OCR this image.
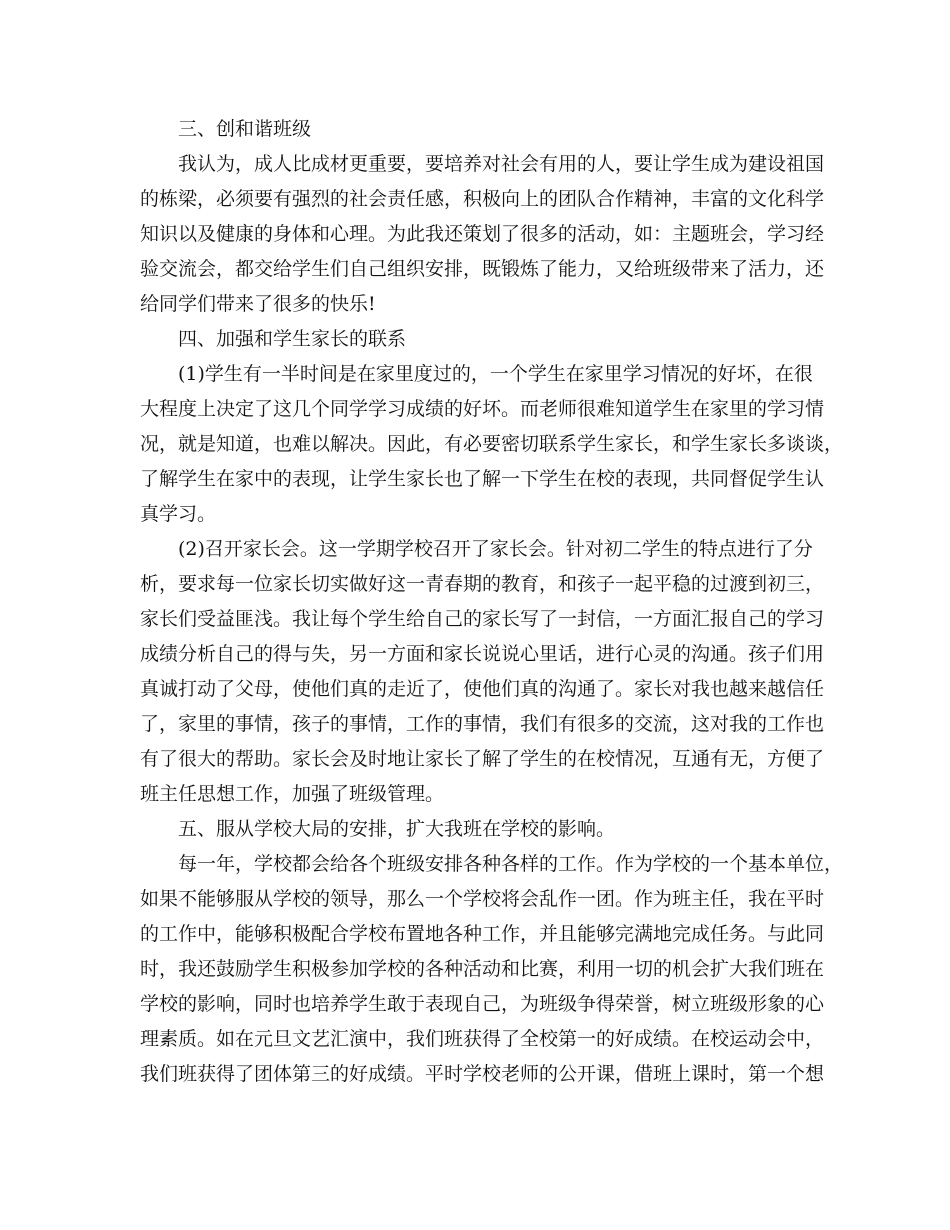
三、创和谐班级
我认为，成人比成材更重要，要培养对社会有用的人，要让学生成为建设祖国
的栋梁，必须要有强烈的社会责任感，积极向上的团队合作精神，丰富的文化科学
知识以及健康的身体和心理。为此我还策划了很多的活动，如：主题班会，学习经
验交流会，都交给学生们自己组织安排，既锻炼了能力，又给班级带来了活力，还
给同学们带来了很多的快乐!
四、加强和学生家长的联系
(1)学生有一半时间是在家里度过的，一个学生在家里学习情况的好坏，在很
大程度上决定了这几个同学学习成绩的好坏。而老师很难知道学生在家里的学习情
况，就是知道，也难以解决。因此，有必要密切联系学生家长，和学生家长多谈谈，
了解学生在家中的表现，让学生家长也了解一下学生在校的表现，共同督促学生认
真学习。
(2)召开家长会。这一学期学校召开了家长会。针对初二学生的特点进行了分
析，要求每一位家长切实做好这一青春期的教育，和孩子一起平稳的过渡到初三，
家长们受益匪浅。我让每个学生给自己的家长写了一封信，一方面汇报自己的学习
成绩分析自己的得与失，另一方面和家长说说心里话，进行心灵的沟通。孩子们用
真诚打动了父母，使他们真的走近了，使他们真的沟通了。家长对我也越来越信任
了，家里的事情，孩子的事情，工作的事情，我们有很多的交流，这对我的工作也
有了很大的帮助。家长会及时地让家长了解了学生的在校情况，互通有无，方便了
班主任思想工作，加强了班级管理。
五、服从学校大局的安排，扩大我班在学校的影响。
每一年，学校都会给各个班级安排各种各样的工作。作为学校的一个基本单位，
如果不能够服从学校的领导，那么一个学校将会乱作一团。作为班主任，我在平时
的工作中，能够积极配合学校布置地各种工作，并且能够完满地完成任务。与此同
时，我还鼓励学生积极参加学校的各种活动和比赛，利用一切的机会扩大我们班在
学校的影响，同时也培养学生敢于表现自己，为班级争得荣誉，树立班级形象的心
理素质。如在元旦文艺汇演中，我们班获得了全校第一的好成绩。在校运动会中，
我们班获得了团体第三的好成绩。平时学校老师的公开课，借班上课时，第一个想
